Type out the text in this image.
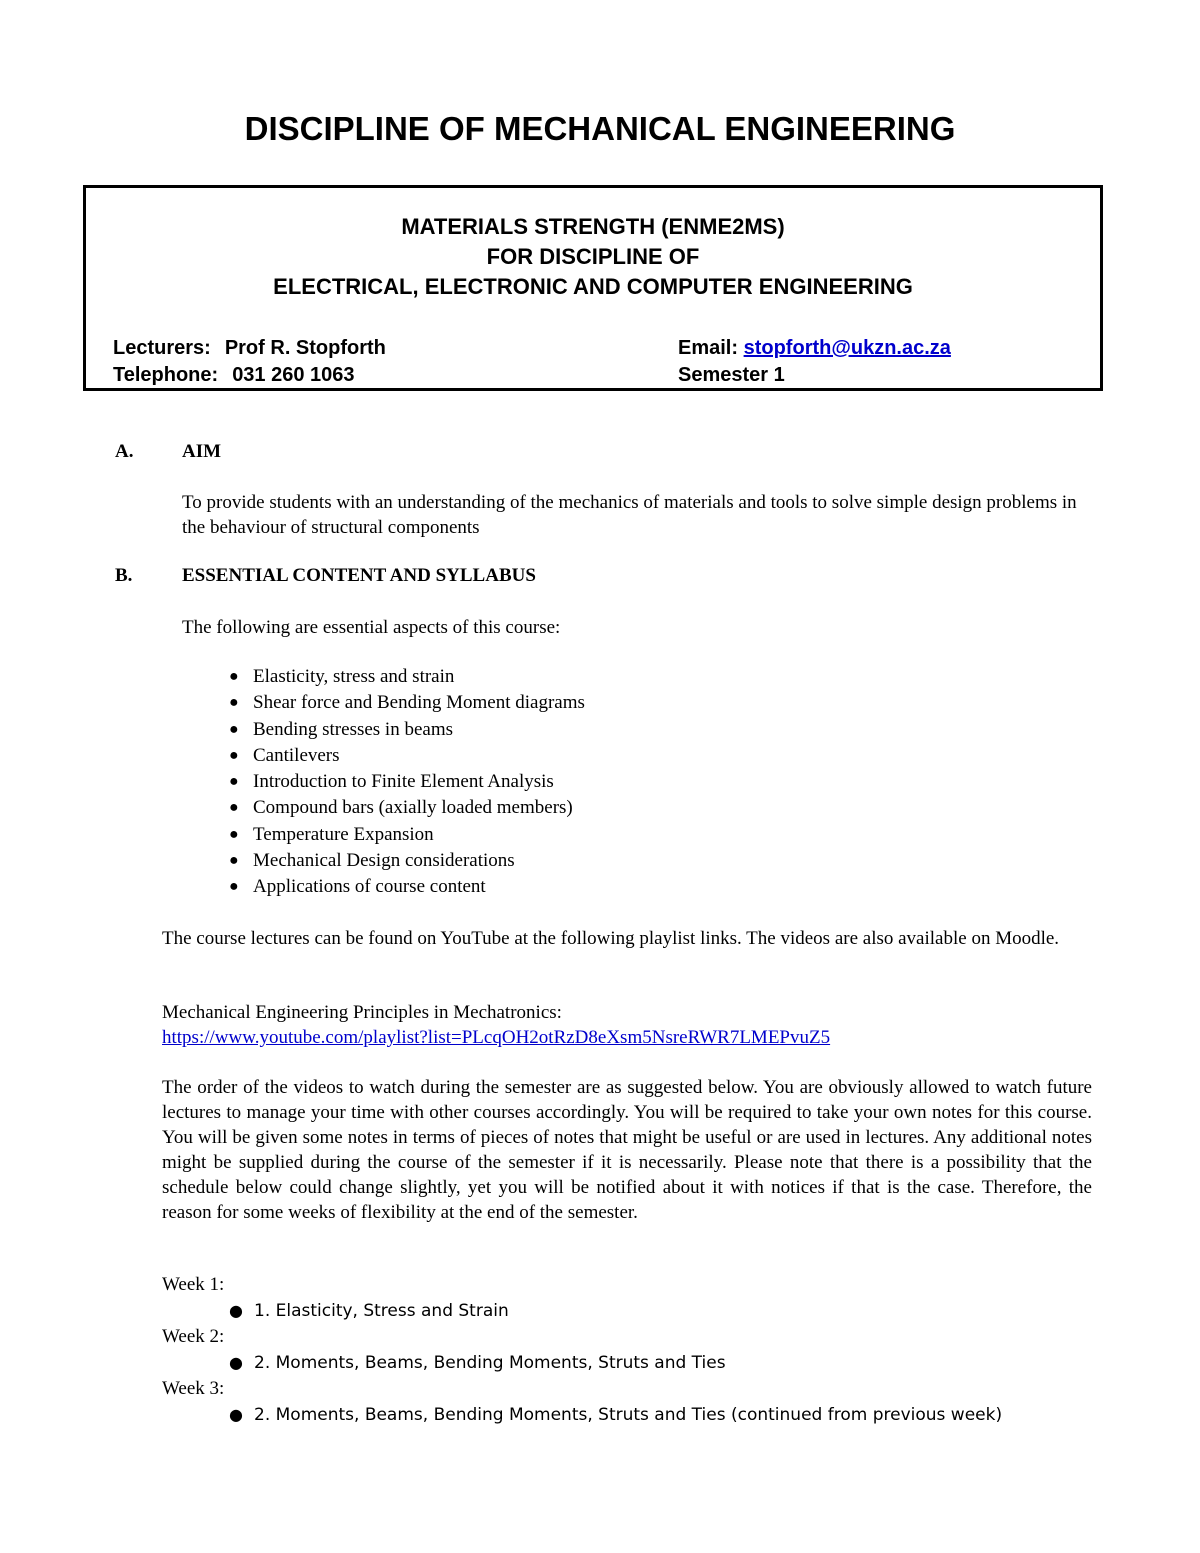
DISCIPLINE OF MECHANICAL ENGINEERING

MATERIALS STRENGTH (ENME2MS)

FOR DISCIPLINE OF

ELECTRICAL, ELECTRONIC AND COMPUTER ENGINEERING

Lecturers: Prof R. Stopforth
Telephone: 031 260 1063
Email: stopforth@ukzn.ac.za
Semester 1
A.	AIM
To provide students with an understanding of the mechanics of materials and tools to solve simple design problems in the behaviour of structural components
B.	ESSENTIAL CONTENT AND SYLLABUS
The following are essential aspects of this course:
● Elasticity, stress and strain
● Shear force and Bending Moment diagrams
● Bending stresses in beams
● Cantilevers
● Introduction to Finite Element Analysis
● Compound bars (axially loaded members)
● Temperature Expansion
● Mechanical Design considerations
● Applications of course content
The course lectures can be found on YouTube at the following playlist links. The videos are also available on Moodle.
Mechanical Engineering Principles in Mechatronics:
https://www.youtube.com/playlist?list=PLcqOH2otRzD8eXsm5NsreRWR7LMEPvuZ5
The order of the videos to watch during the semester are as suggested below. You are obviously allowed to watch future lectures to manage your time with other courses accordingly. You will be required to take your own notes for this course. You will be given some notes in terms of pieces of notes that might be useful or are used in lectures. Any additional notes might be supplied during the course of the semester if it is necessarily. Please note that there is a possibility that the schedule below could change slightly, yet you will be notified about it with notices if that is the case. Therefore, the reason for some weeks of flexibility at the end of the semester.
Week 1:
● 1. Elasticity, Stress and Strain
Week 2:
● 2. Moments, Beams, Bending Moments, Struts and Ties
Week 3:
● 2. Moments, Beams, Bending Moments, Struts and Ties (continued from previous week)
